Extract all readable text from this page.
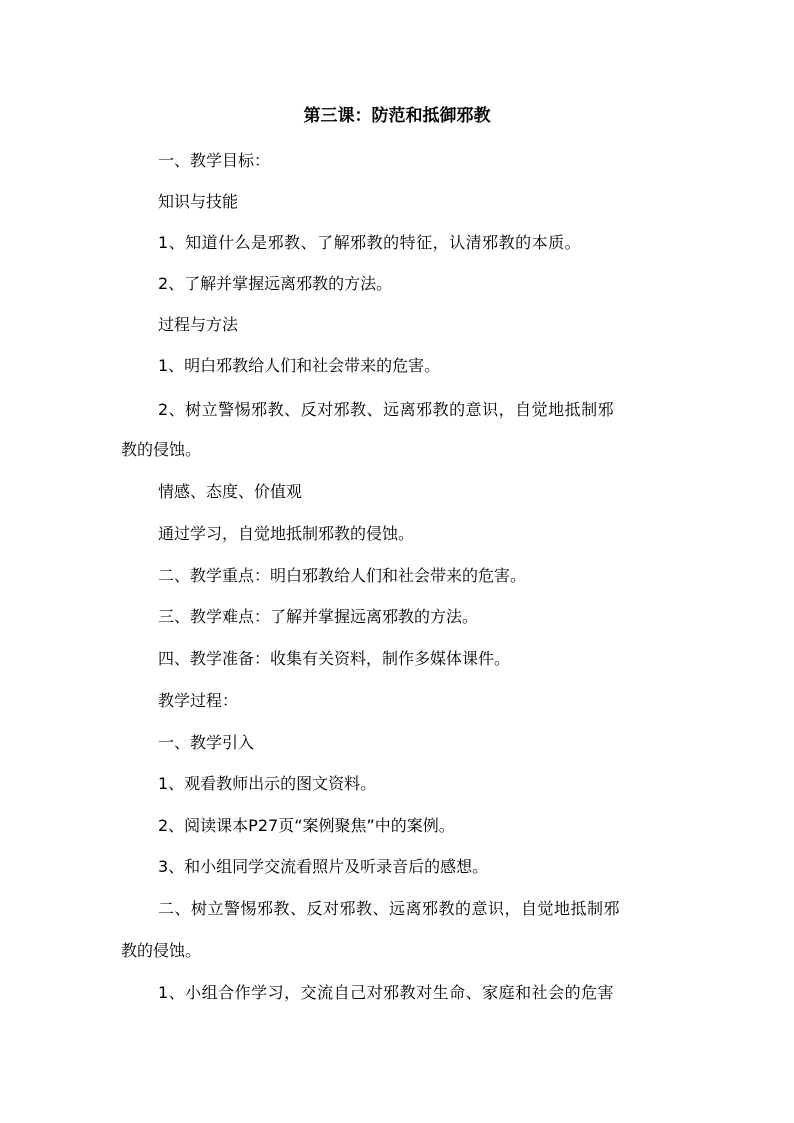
第三课：防范和抵御邪教
一、教学目标：
知识与技能
1、知道什么是邪教、了解邪教的特征，认清邪教的本质。
2、了解并掌握远离邪教的方法。
过程与方法
1、明白邪教给人们和社会带来的危害。
2、树立警惕邪教、反对邪教、远离邪教的意识，自觉地抵制邪
教的侵蚀。
情感、态度、价值观
通过学习，自觉地抵制邪教的侵蚀。
二、教学重点：明白邪教给人们和社会带来的危害。
三、教学难点：了解并掌握远离邪教的方法。
四、教学准备：收集有关资料，制作多媒体课件。
教学过程：
一、教学引入
1、观看教师出示的图文资料。
2、阅读课本P27页“案例聚焦”中的案例。
3、和小组同学交流看照片及听录音后的感想。
二、树立警惕邪教、反对邪教、远离邪教的意识，自觉地抵制邪
教的侵蚀。
1、小组合作学习，交流自己对邪教对生命、家庭和社会的危害
